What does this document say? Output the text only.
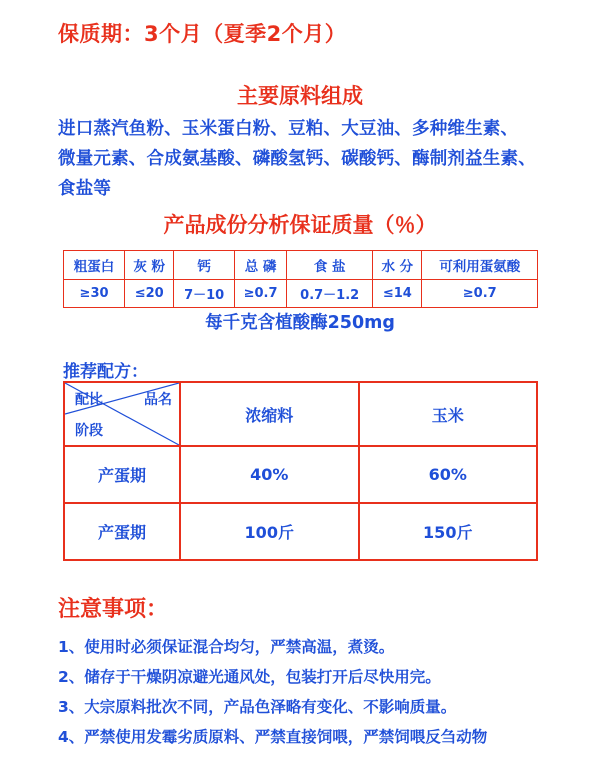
保质期：3个月（夏季2个月）
主要原料组成
进口蒸汽鱼粉、玉米蛋白粉、豆粕、大豆油、多种维生素、
微量元素、合成氨基酸、磷酸氢钙、碳酸钙、酶制剂益生素、
食盐等
产品成份分析保证质量（％）
粗蛋白	灰 粉	钙	总 磷	食 盐	水 分	可利用蛋氨酸
≥30	≤20	7－10	≥0.7	0.7－1.2	≤14	≥0.7
每千克含植酸酶250mg
推荐配方：
配比 品名
阶段	浓缩料	玉米
产蛋期	40%	60%
产蛋期	100斤	150斤
注意事项：
1、使用时必须保证混合均匀，严禁高温，煮烫。
2、储存于干燥阴凉避光通风处，包装打开后尽快用完。
3、大宗原料批次不同，产品色泽略有变化、不影响质量。
4、严禁使用发霉劣质原料、严禁直接饲喂，严禁饲喂反刍动物
